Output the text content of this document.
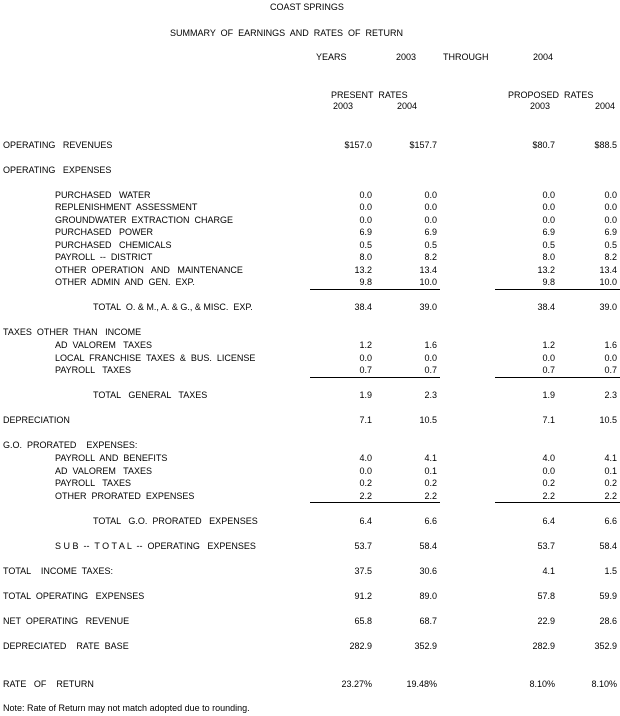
COAST SPRINGS
SUMMARY  OF  EARNINGS  AND  RATES  OF  RETURN
YEARS	2003	THROUGH	2004
PRESENT  RATES	PROPOSED  RATES
2003	2004	2003	2004
OPERATING   REVENUES	$157.0	$157.7	$80.7	$88.5
OPERATING   EXPENSES
PURCHASED   WATER	0.0	0.0	0.0	0.0
REPLENISHMENT  ASSESSMENT	0.0	0.0	0.0	0.0
GROUNDWATER  EXTRACTION  CHARGE	0.0	0.0	0.0	0.0
PURCHASED   POWER	6.9	6.9	6.9	6.9
PURCHASED   CHEMICALS	0.5	0.5	0.5	0.5
PAYROLL  --  DISTRICT	8.0	8.2	8.0	8.2
OTHER  OPERATION   AND   MAINTENANCE	13.2	13.4	13.2	13.4
OTHER  ADMIN  AND  GEN.  EXP.	9.8	10.0	9.8	10.0
TOTAL  O. & M., A. & G., & MISC.  EXP.	38.4	39.0	38.4	39.0
TAXES  OTHER  THAN   INCOME
AD  VALOREM   TAXES	1.2	1.6	1.2	1.6
LOCAL  FRANCHISE  TAXES  &  BUS.  LICENSE	0.0	0.0	0.0	0.0
PAYROLL   TAXES	0.7	0.7	0.7	0.7
TOTAL   GENERAL   TAXES	1.9	2.3	1.9	2.3
DEPRECIATION	7.1	10.5	7.1	10.5
G.O.  PRORATED    EXPENSES:
PAYROLL  AND  BENEFITS	4.0	4.1	4.0	4.1
AD  VALOREM   TAXES	0.0	0.1	0.0	0.1
PAYROLL   TAXES	0.2	0.2	0.2	0.2
OTHER  PRORATED  EXPENSES	2.2	2.2	2.2	2.2
TOTAL   G.O.  PRORATED   EXPENSES	6.4	6.6	6.4	6.6
S U B  --  T O T A L  --  OPERATING   EXPENSES	53.7	58.4	53.7	58.4
TOTAL    INCOME  TAXES:	37.5	30.6	4.1	1.5
TOTAL  OPERATING   EXPENSES	91.2	89.0	57.8	59.9
NET  OPERATING   REVENUE	65.8	68.7	22.9	28.6
DEPRECIATED    RATE  BASE	282.9	352.9	282.9	352.9
RATE   OF    RETURN	23.27%	19.48%	8.10%	8.10%
Note: Rate of Return may not match adopted due to rounding.
